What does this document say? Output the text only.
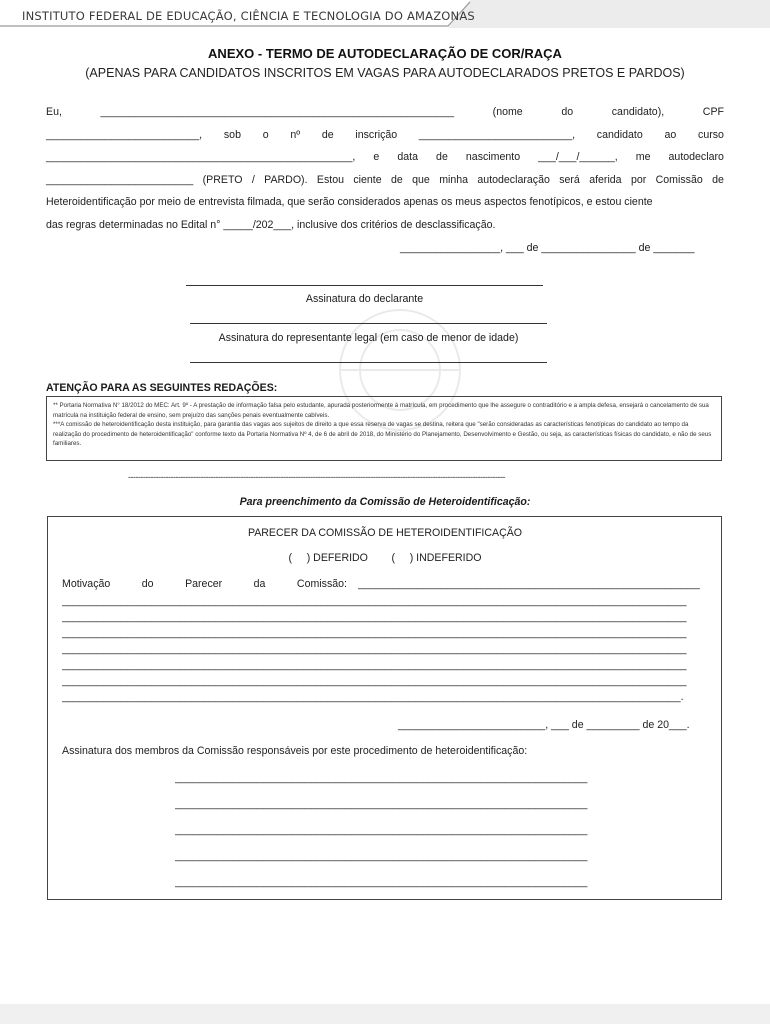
INSTITUTO FEDERAL DE EDUCAÇÃO, CIÊNCIA E TECNOLOGIA DO AMAZONAS
ANEXO - TERMO DE AUTODECLARAÇÃO DE COR/RAÇA
(APENAS PARA CANDIDATOS INSCRITOS EM VAGAS PARA AUTODECLARADOS PRETOS E PARDOS)
Eu,	____________________________________________________________	(nome	do	candidato),	CPF
__________________________, sob o nº de inscrição __________________________, candidato ao curso
____________________________________________________, e data de nascimento ___/___/______, me autodeclaro
_________________________ (PRETO / PARDO). Estou ciente de que minha autodeclaração será aferida por Comissão de
Heteroidentificação por meio de entrevista filmada, que serão considerados apenas os meus aspectos fenotípicos, e estou ciente
das regras determinadas no Edital n° _____/202___, inclusive dos critérios de desclassificação.
_________________, ___ de ________________ de _______
Assinatura do declarante
Assinatura do representante legal (em caso de menor de idade)
ATENÇÃO PARA AS SEGUINTES REDAÇÕES:

** Portaria Normativa N° 18/2012 do MEC: Art. 9º - A prestação de informação falsa pelo estudante, apurada posteriormente à matrícula, em procedimento que lhe assegure o contraditório e a ampla defesa, ensejará o cancelamento de sua matrícula na instituição federal de ensino, sem prejuízo das sanções penais eventualmente cabíveis.

***A comissão de heteroidentificação desta instituição, para garantia das vagas aos sujeitos de direito a que essa reserva de vagas se destina, reitera que "serão consideradas as características fenotípicas do candidato ao tempo da realização do procedimento de heteroidentificação" conforme texto da Portaria Normativa Nº 4, de 6 de abril de 2018, do Ministério do Planejamento, Desenvolvimento e Gestão, ou seja, as características físicas do candidato, e não de seus familiares.

-------------------------------------------------------------------------------------------------------------------------------------------------------
Para preenchimento da Comissão de Heteroidentificação:
PARECER DA COMISSÃO DE HETEROIDENTIFICAÇÃO
(     ) DEFERIDO        (     ) INDEFERIDO
Motivação	do	Parecer	da	Comissão: __________________________________________________________
__________________________________________________________________________________________________________
__________________________________________________________________________________________________________
__________________________________________________________________________________________________________
__________________________________________________________________________________________________________
__________________________________________________________________________________________________________
__________________________________________________________________________________________________________
_________________________________________________________________________________________________________.
_________________________, ___ de _________ de 20___.
Assinatura dos membros da Comissão responsáveis por este procedimento de heteroidentificação:
______________________________________________________________________
______________________________________________________________________
______________________________________________________________________
______________________________________________________________________
______________________________________________________________________
